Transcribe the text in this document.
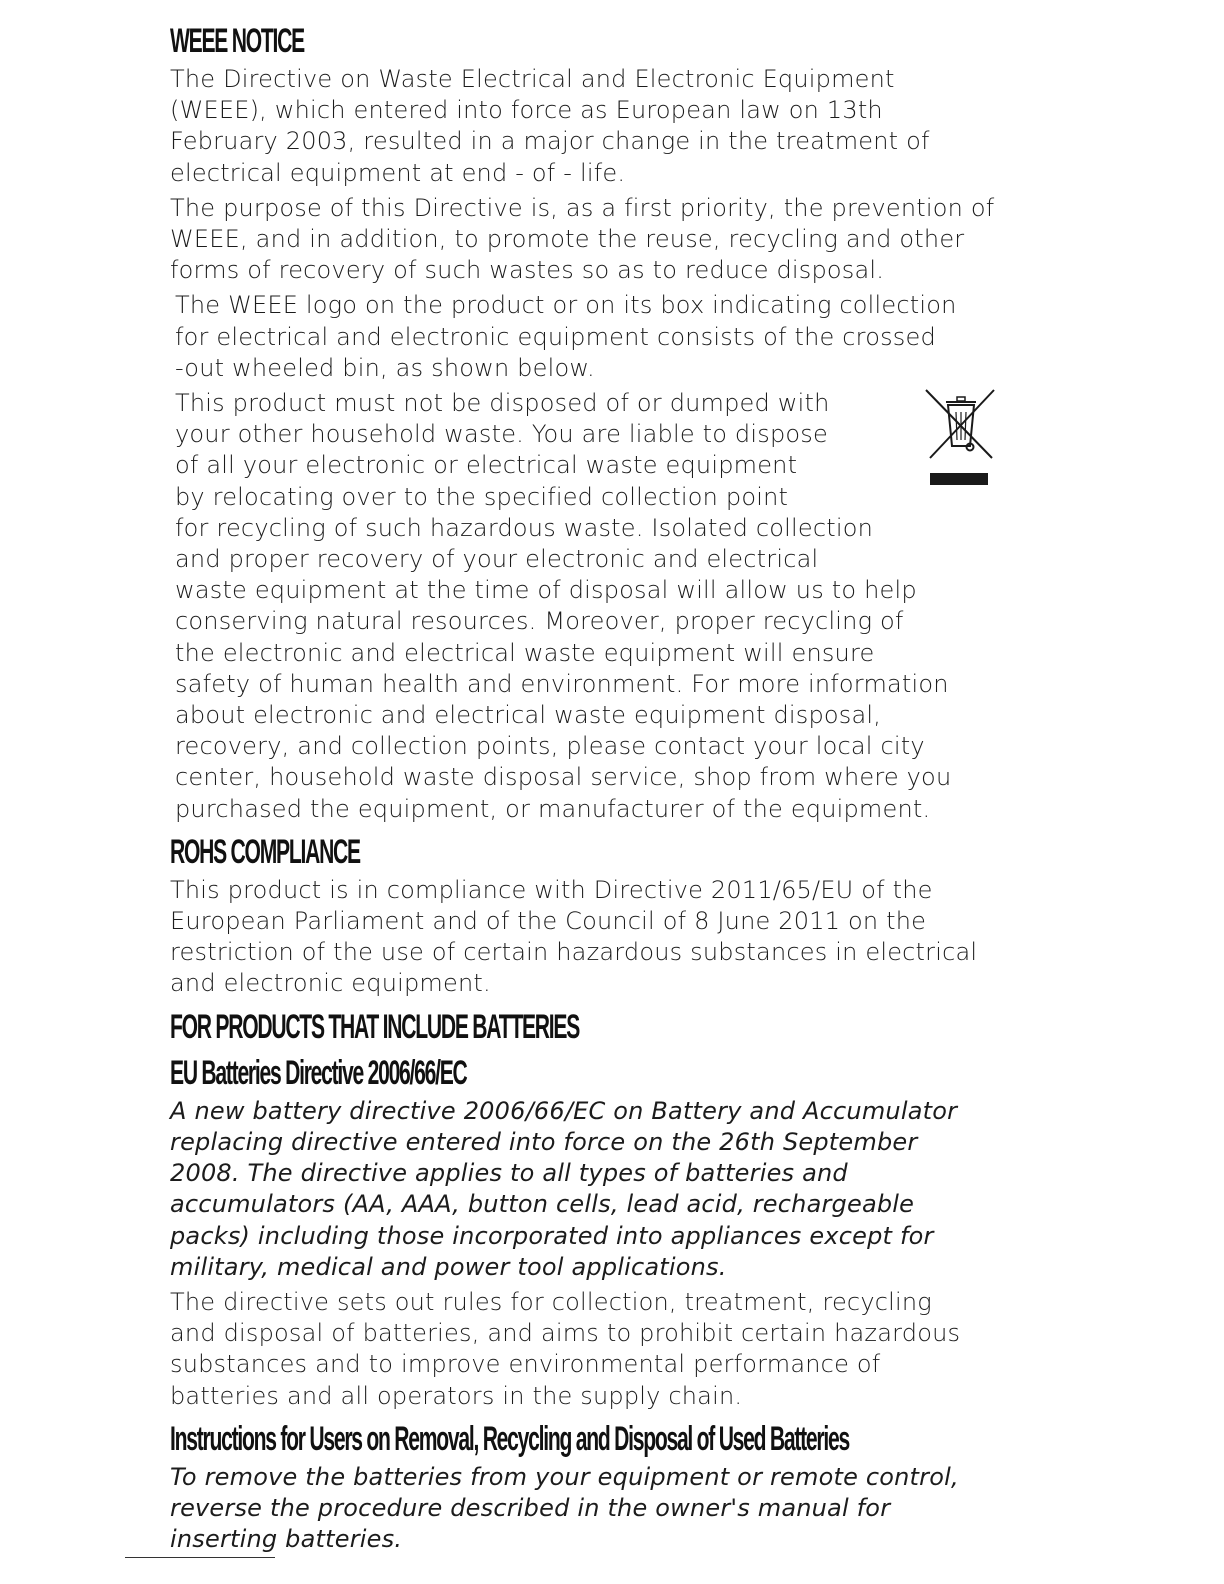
WEEE NOTICE

The Directive on Waste Electrical and Electronic Equipment
(WEEE), which entered into force as European law on 13th
February 2003, resulted in a major change in the treatment of
electrical equipment at end - of - life.

The purpose of this Directive is, as a first priority, the prevention of
WEEE, and in addition, to promote the reuse, recycling and other
forms of recovery of such wastes so as to reduce disposal.

The WEEE logo on the product or on its box indicating collection
for electrical and electronic equipment consists of the crossed
-out wheeled bin, as shown below.

This product must not be disposed of or dumped with
your other household waste. You are liable to dispose
of all your electronic or electrical waste equipment
by relocating over to the specified collection point
for recycling of such hazardous waste. Isolated collection
and proper recovery of your electronic and electrical
waste equipment at the time of disposal will allow us to help
conserving natural resources. Moreover, proper recycling of
the electronic and electrical waste equipment will ensure
safety of human health and environment. For more information
about electronic and electrical waste equipment disposal,
recovery, and collection points, please contact your local city
center, household waste disposal service, shop from where you
purchased the equipment, or manufacturer of the equipment.

ROHS COMPLIANCE

This product is in compliance with Directive 2011/65/EU of the
European Parliament and of the Council of 8 June 2011 on the
restriction of the use of certain hazardous substances in electrical
and electronic equipment.

FOR PRODUCTS THAT INCLUDE BATTERIES
EU Batteries Directive 2006/66/EC

A new battery directive 2006/66/EC on Battery and Accumulator
replacing directive entered into force on the 26th September
2008. The directive applies to all types of batteries and
accumulators (AA, AAA, button cells, lead acid, rechargeable
packs) including those incorporated into appliances except for
military, medical and power tool applications.

The directive sets out rules for collection, treatment, recycling
and disposal of batteries, and aims to prohibit certain hazardous
substances and to improve environmental performance of
batteries and all operators in the supply chain.

Instructions for Users on Removal, Recycling and Disposal of Used Batteries

To remove the batteries from your equipment or remote control,
reverse the procedure described in the owner's manual for
inserting batteries.
